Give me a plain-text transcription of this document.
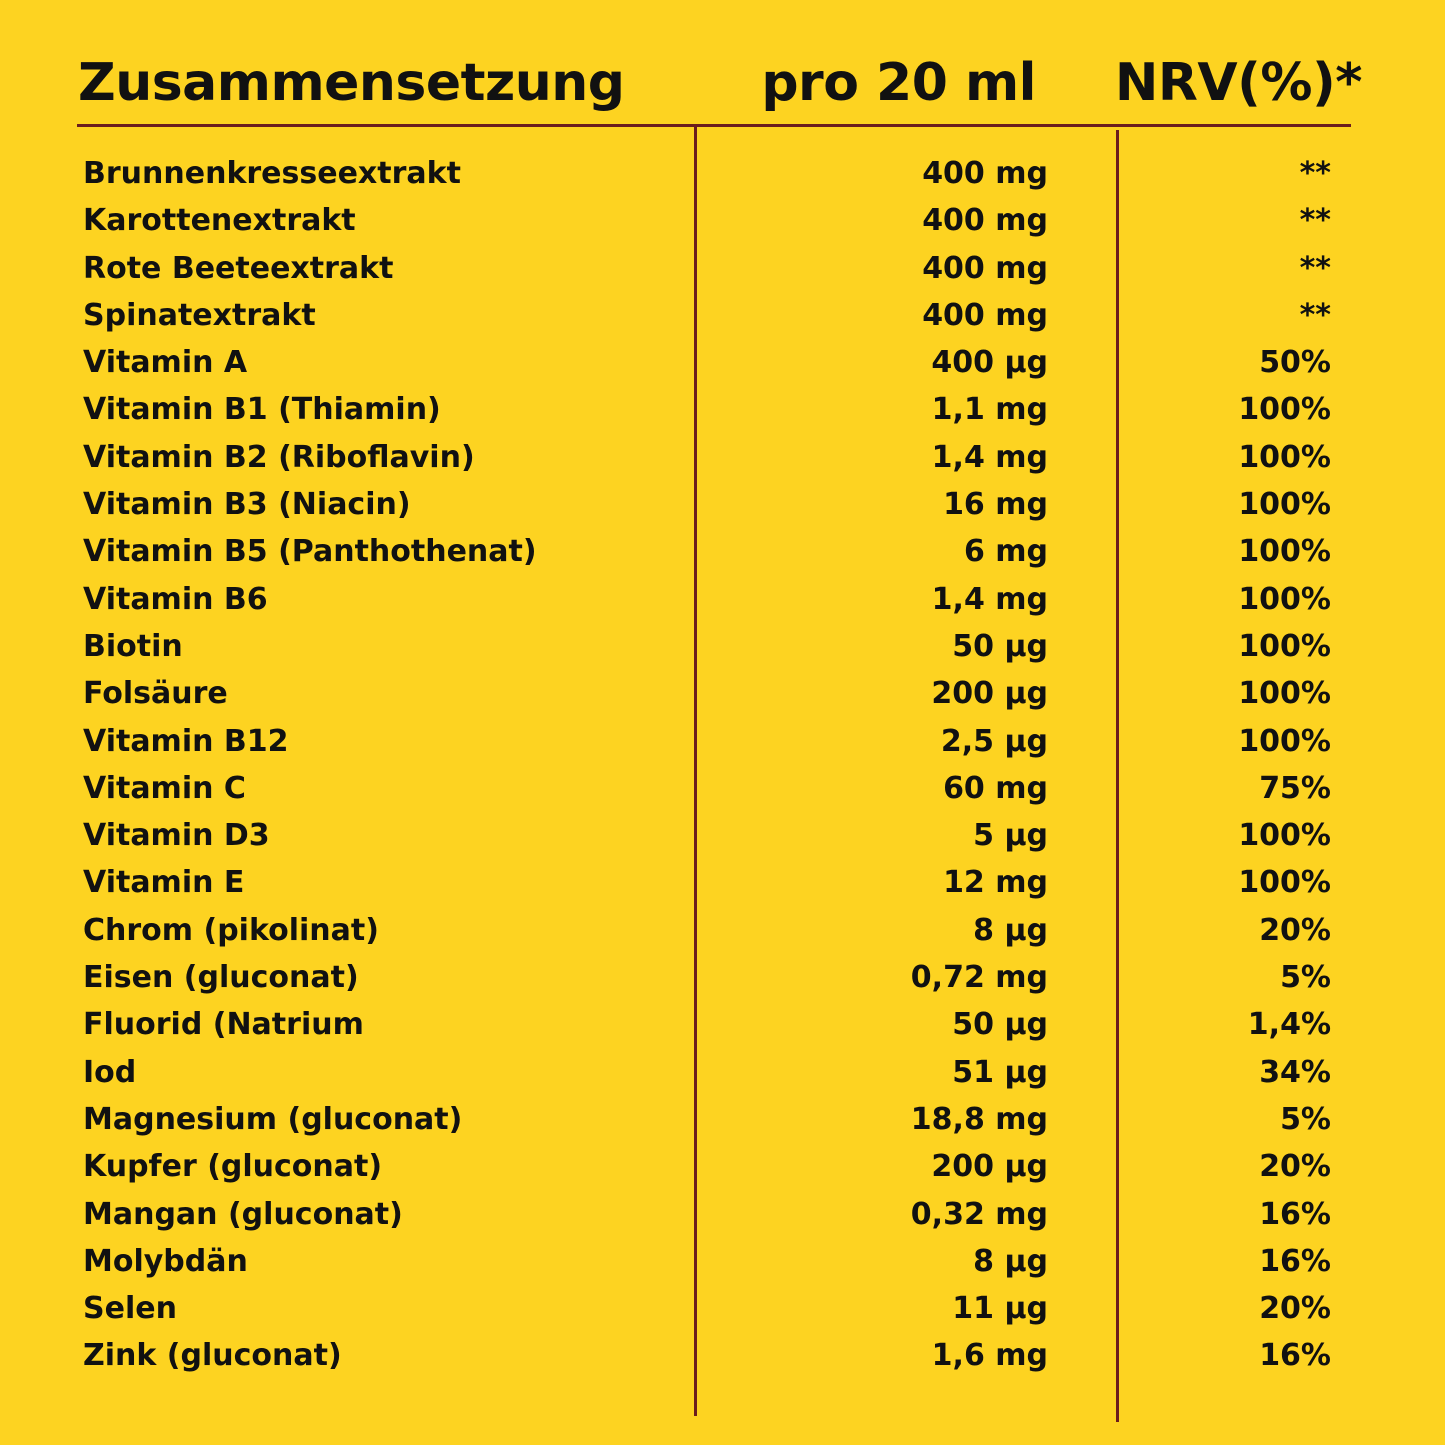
Zusammensetzung	pro 20 ml NRV(%)*
Brunnenkresseextrakt	400 mg	**
Karottenextrakt	400 mg	**
Rote Beeteextrakt	400 mg	**
Spinatextrakt	400 mg	**
Vitamin A	400 µg	50%
Vitamin B1 (Thiamin)	1,1 mg	100%
Vitamin B2 (Riboflavin)	1,4 mg	100%
Vitamin B3 (Niacin)	16 mg	100%
Vitamin B5 (Panthothenat)	6 mg	100%
Vitamin B6	1,4 mg	100%
Biotin	50 µg	100%
Folsäure	200 µg	100%
Vitamin B12	2,5 µg	100%
Vitamin C	60 mg	75%
Vitamin D3	5 µg	100%
Vitamin E	12 mg	100%
Chrom (pikolinat)	8 µg	20%
Eisen (gluconat)	0,72 mg	5%
Fluorid (Natrium	50 µg	1,4%
Iod	51 µg	34%
Magnesium (gluconat)	18,8 mg	5%
Kupfer (gluconat)	200 µg	20%
Mangan (gluconat)	0,32 mg	16%
Molybdän	8 µg	16%
Selen	11 µg	20%
Zink (gluconat)	1,6 mg	16%
